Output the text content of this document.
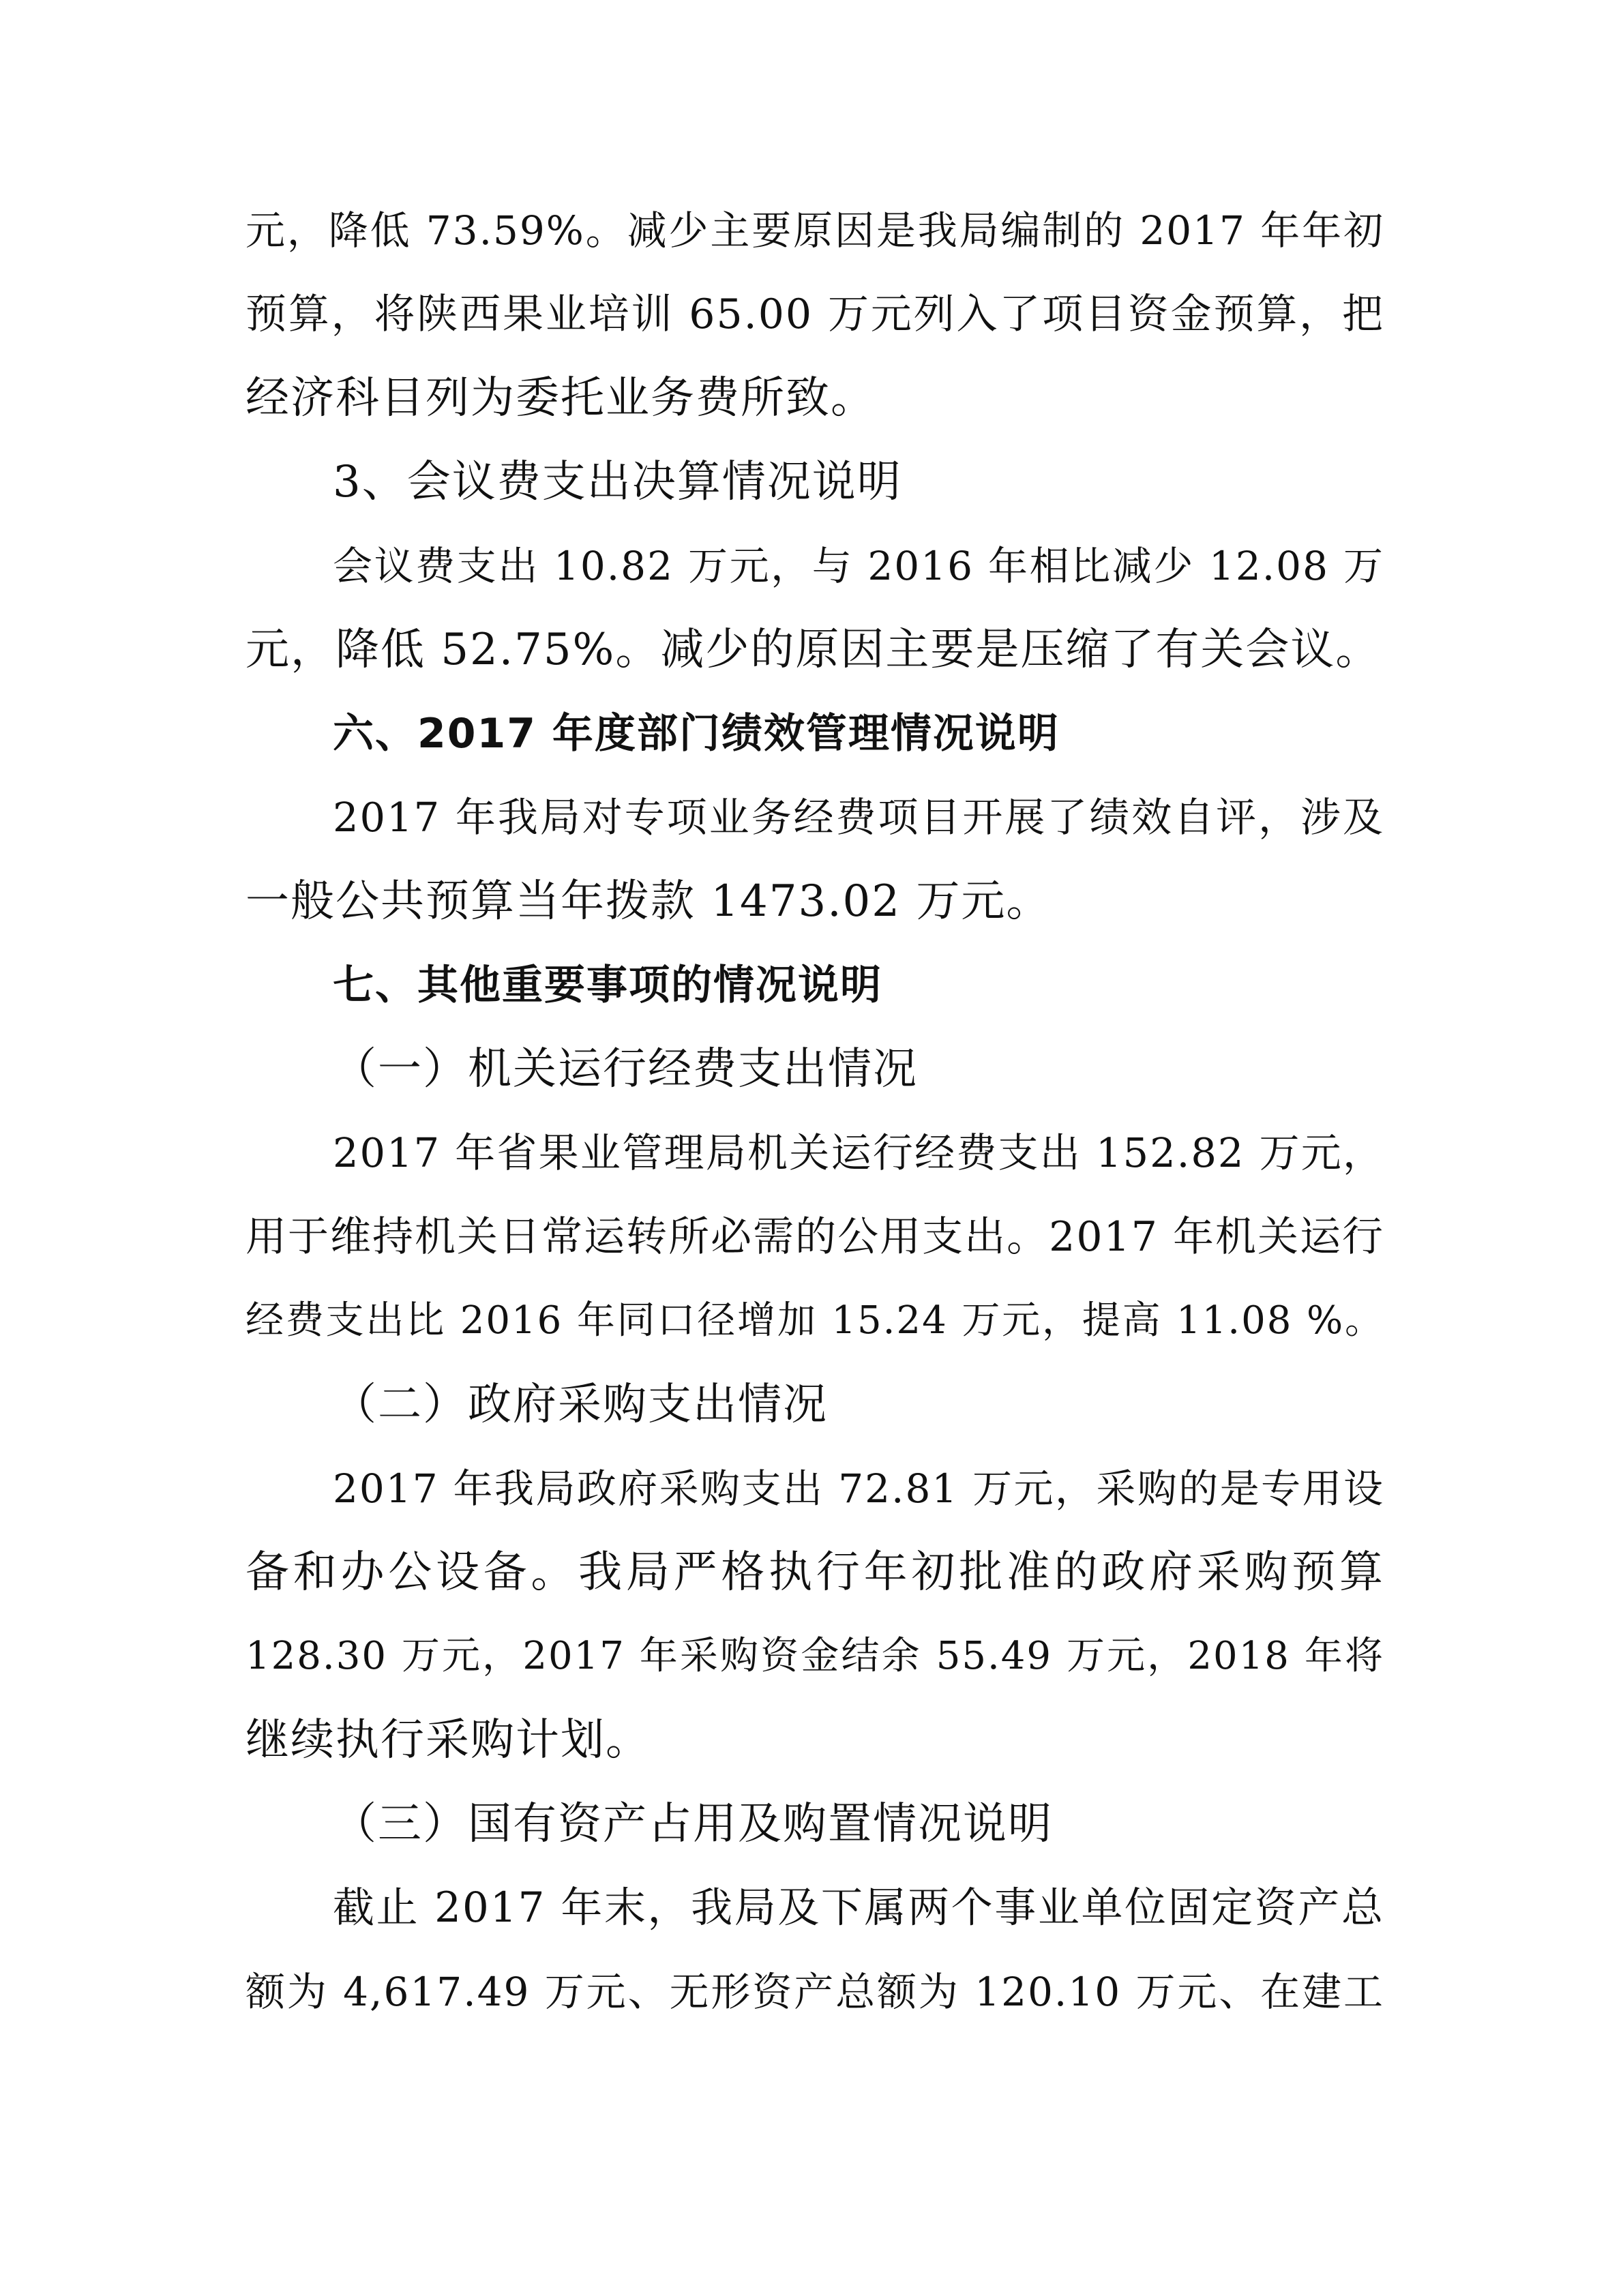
元，降低 73.59%。减少主要原因是我局编制的 2017 年年初
预算，将陕西果业培训 65.00 万元列入了项目资金预算，把
经济科目列为委托业务费所致。
3、会议费支出决算情况说明
会议费支出 10.82 万元，与 2016 年相比减少 12.08 万
元，降低 52.75%。减少的原因主要是压缩了有关会议。
六、2017 年度部门绩效管理情况说明
2017 年我局对专项业务经费项目开展了绩效自评，涉及
一般公共预算当年拨款 1473.02 万元。
七、其他重要事项的情况说明
（一）机关运行经费支出情况
2017 年省果业管理局机关运行经费支出 152.82 万元，
用于维持机关日常运转所必需的公用支出。2017 年机关运行
经费支出比 2016 年同口径增加 15.24 万元，提高 11.08 %。
（二）政府采购支出情况
2017 年我局政府采购支出 72.81 万元，采购的是专用设
备和办公设备。我局严格执行年初批准的政府采购预算
128.30 万元，2017 年采购资金结余 55.49 万元，2018 年将
继续执行采购计划。
（三）国有资产占用及购置情况说明
截止 2017 年末，我局及下属两个事业单位固定资产总
额为 4,617.49 万元、无形资产总额为 120.10 万元、在建工
